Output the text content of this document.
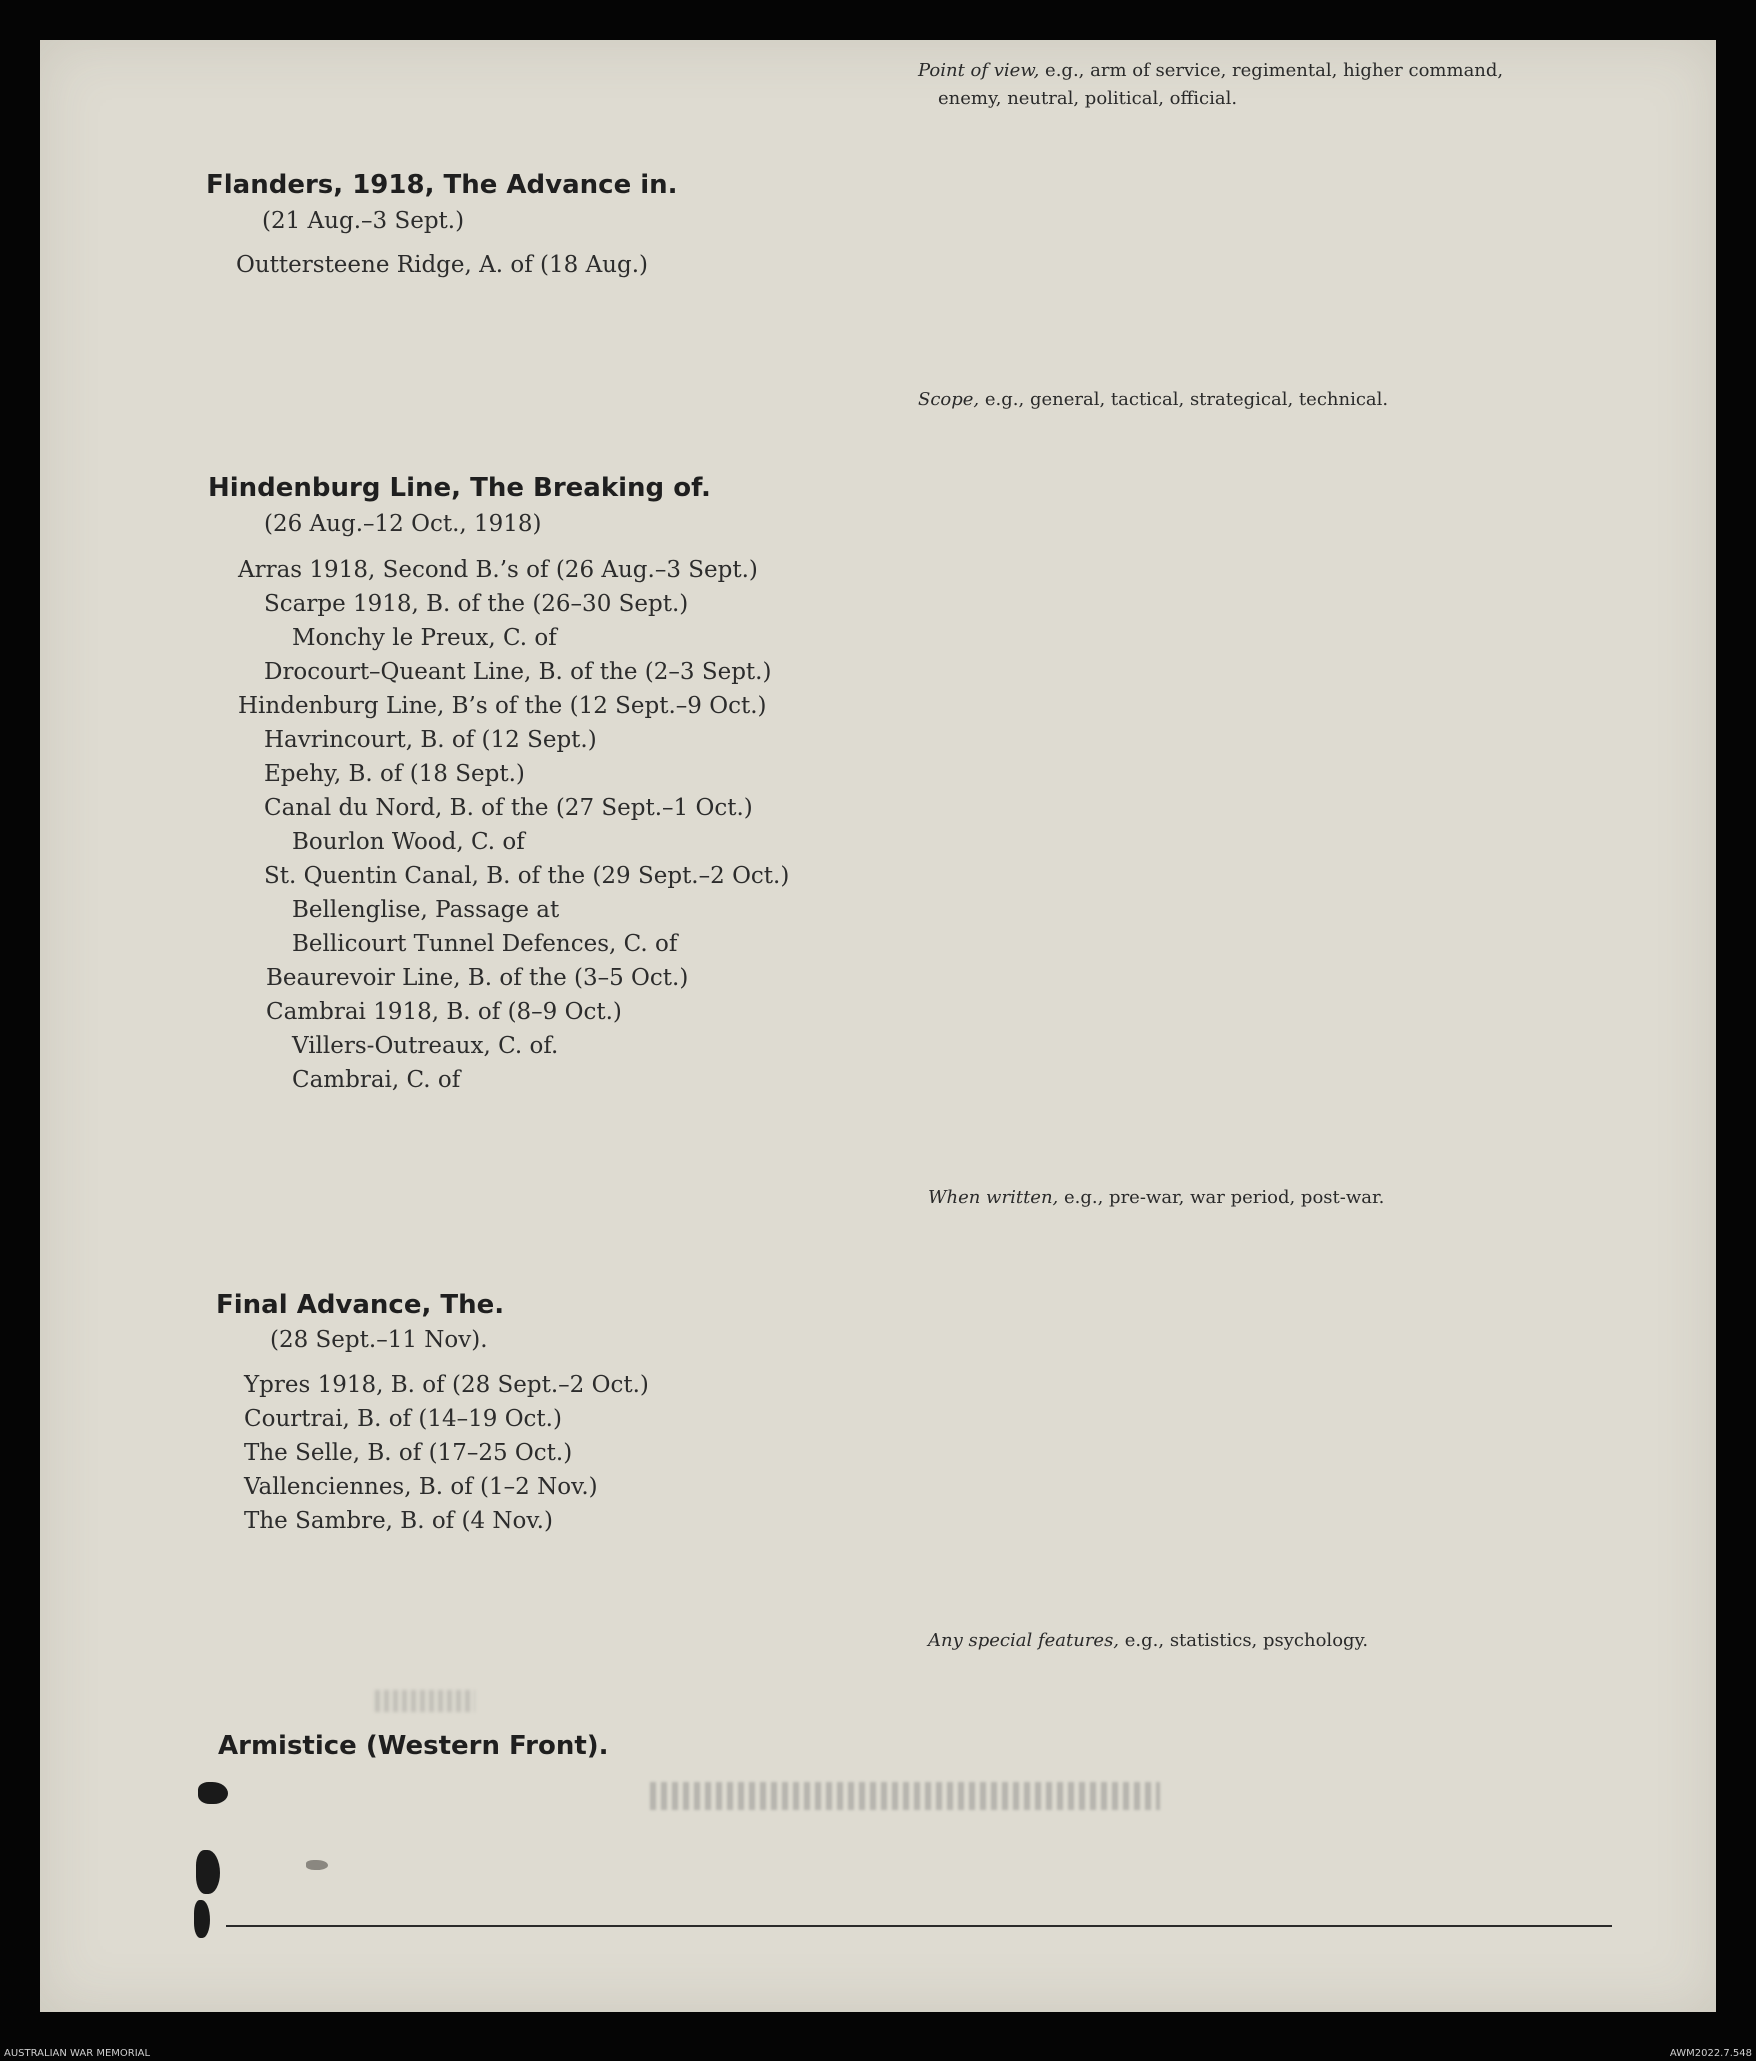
Point of view, e.g., arm of service, regimental, higher command,
enemy, neutral, political, official.
Scope, e.g., general, tactical, strategical, technical.
When written, e.g., pre-war, war period, post-war.
Any special features, e.g., statistics, psychology.
Flanders, 1918, The Advance in.
(21 Aug.–3 Sept.)
Outtersteene Ridge, A. of (18 Aug.)
Hindenburg Line, The Breaking of.
(26 Aug.–12 Oct., 1918)
Arras 1918, Second B.’s of (26 Aug.–3 Sept.)
Scarpe 1918, B. of the (26–30 Sept.)
Monchy le Preux, C. of
Drocourt–Queant Line, B. of the (2–3 Sept.)
Hindenburg Line, B’s of the (12 Sept.–9 Oct.)
Havrincourt, B. of (12 Sept.)
Epehy, B. of (18 Sept.)
Canal du Nord, B. of the (27 Sept.–1 Oct.)
Bourlon Wood, C. of
St. Quentin Canal, B. of the (29 Sept.–2 Oct.)
Bellenglise, Passage at
Bellicourt Tunnel Defences, C. of
Beaurevoir Line, B. of the (3–5 Oct.)
Cambrai 1918, B. of (8–9 Oct.)
Villers-Outreaux, C. of.
Cambrai, C. of
Final Advance, The.
(28 Sept.–11 Nov).
Ypres 1918, B. of (28 Sept.–2 Oct.)
Courtrai, B. of (14–19 Oct.)
The Selle, B. of (17–25 Oct.)
Vallenciennes, B. of (1–2 Nov.)
The Sambre, B. of (4 Nov.)
Armistice (Western Front).
AUSTRALIAN WAR MEMORIAL	AWM2022.7.548
